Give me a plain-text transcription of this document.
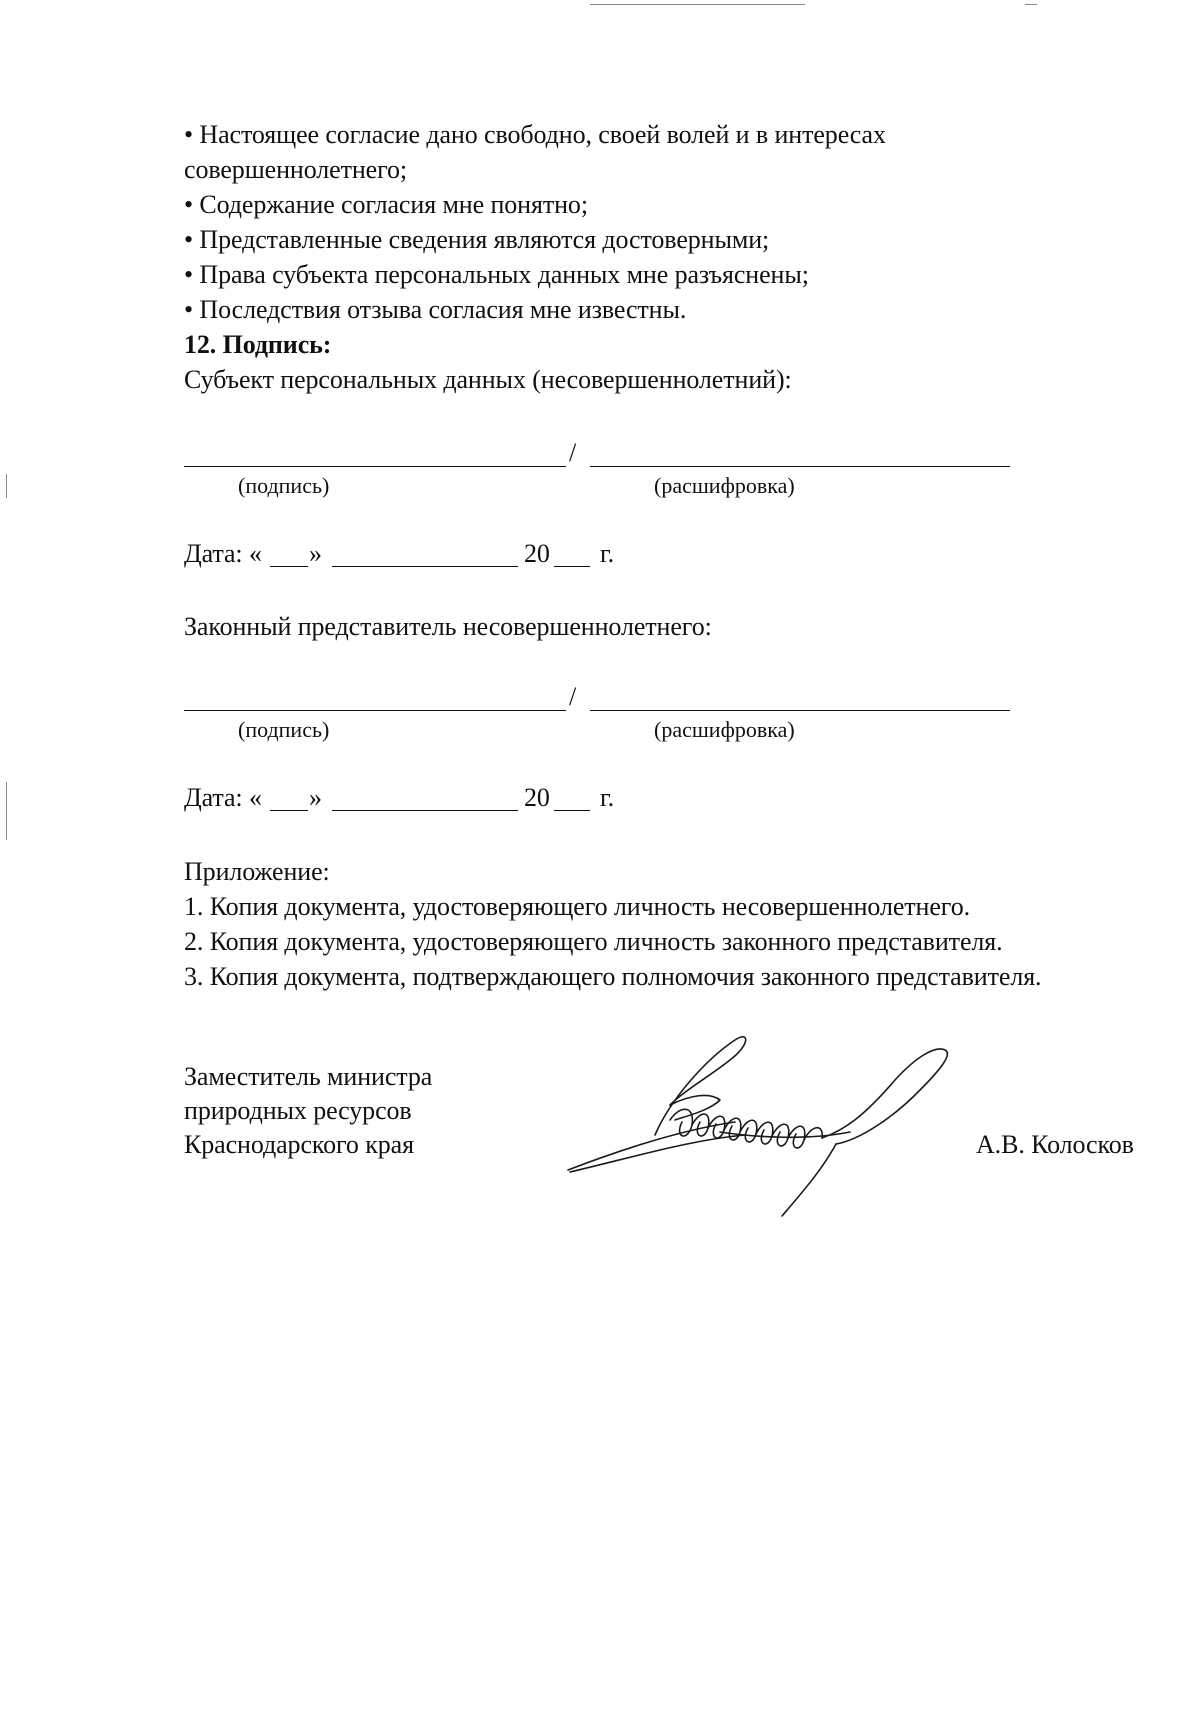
• Настоящее согласие дано свободно, своей волей и в интересах
совершеннолетнего;
• Содержание согласия мне понятно;
• Представленные сведения являются достоверными;
• Права субъекта персональных данных мне разъяснены;
• Последствия отзыва согласия мне известны.
12. Подпись:
Субъект персональных данных (несовершеннолетний):
/
(подпись)	(расшифровка)
Дата: « »	20 г.
Законный представитель несовершеннолетнего:
/
(подпись)	(расшифровка)
Дата: « »	20 г.
Приложение:
1. Копия документа, удостоверяющего личность несовершеннолетнего.
2. Копия документа, удостоверяющего личность законного представителя.
3. Копия документа, подтверждающего полномочия законного представителя.
Заместитель министра
природных ресурсов
Краснодарского края	А.В. Колосков
